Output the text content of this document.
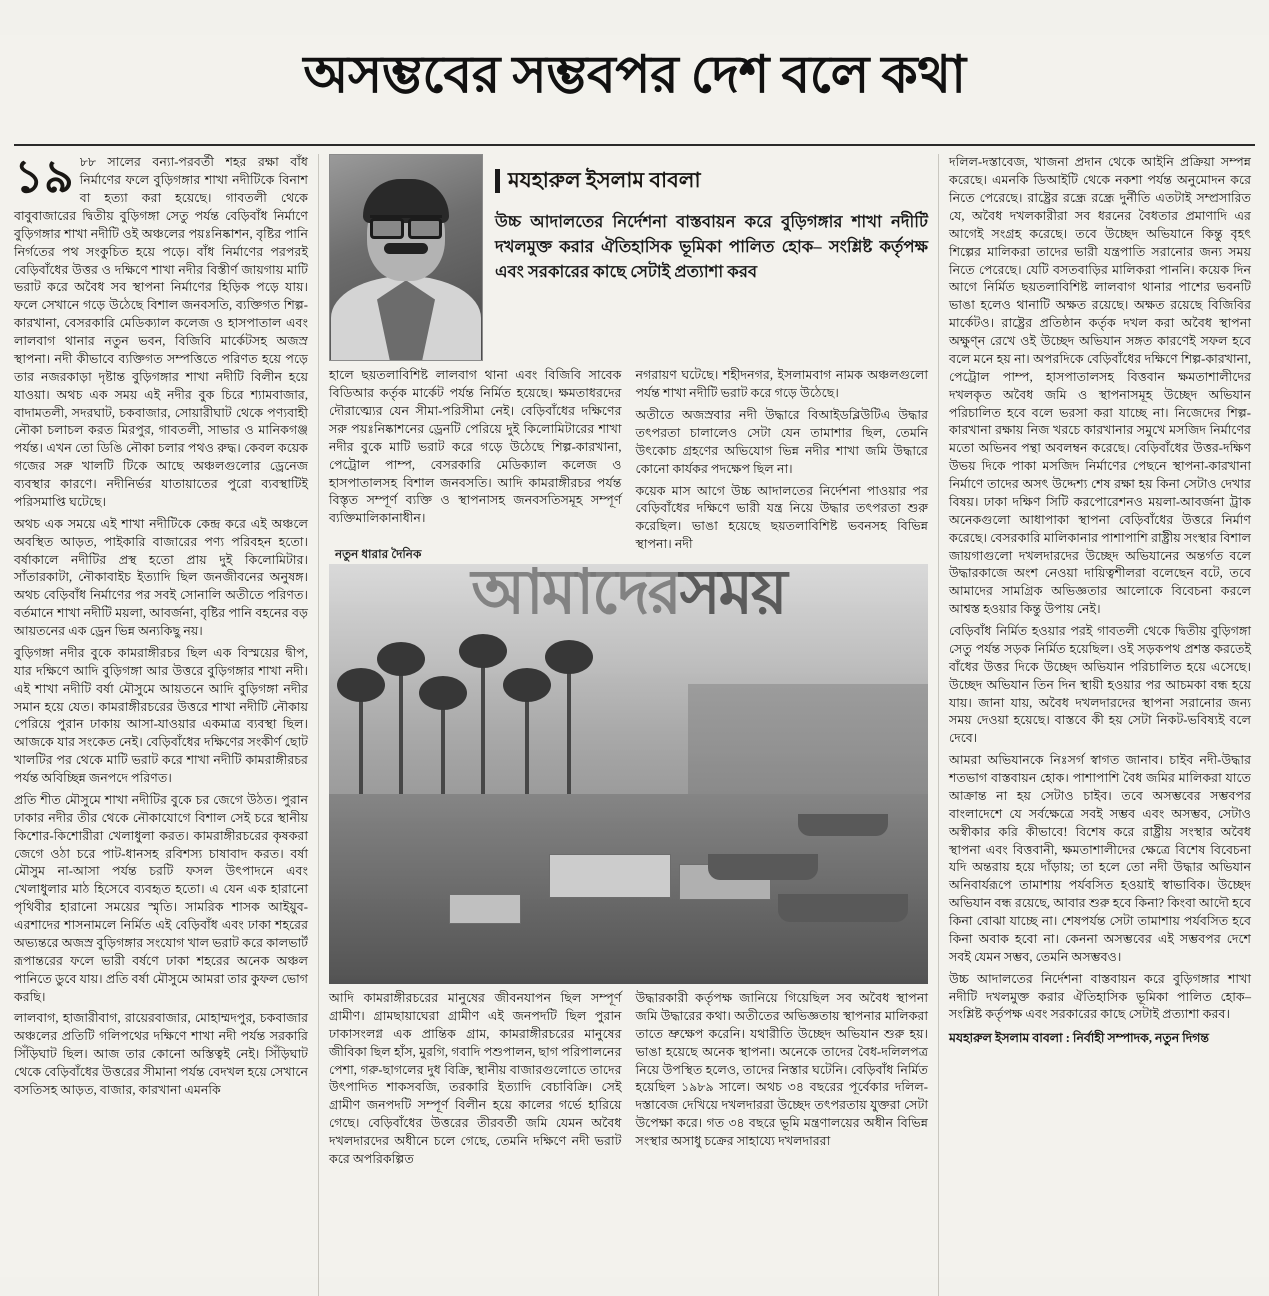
অসম্ভবের সম্ভবপর দেশ বলে কথা

১৯ ৮৮ সালের বন্যা-পরবর্তী শহর রক্ষা বাঁধ নির্মাণের ফলে বুড়িগঙ্গার শাখা নদীটিকে বিনাশ বা হত্যা করা হয়েছে। গাবতলী থেকে বাবুবাজারের দ্বিতীয় বুড়িগঙ্গা সেতু পর্যন্ত বেড়িবাঁধ নির্মাণে বুড়িগঙ্গার শাখা নদীটি ওই অঞ্চলের পয়ঃনিষ্কাশন, বৃষ্টির পানি নির্গতের পথ সংকুচিত হয়ে পড়ে। বাঁধ নির্মাণের পরপরই বেড়িবাঁধের উত্তর ও দক্ষিণে শাখা নদীর বিস্তীর্ণ জায়গায় মাটি ভরাট করে অবৈধ সব স্থাপনা নির্মাণের হিড়িক পড়ে যায়। ফলে সেখানে গড়ে উঠেছে বিশাল জনবসতি, ব্যক্তিগত শিল্প-কারখানা, বেসরকারি মেডিক্যাল কলেজ ও হাসপাতাল এবং লালবাগ থানার নতুন ভবন, বিজিবি মার্কেটসহ অজস্র স্থাপনা। নদী কীভাবে ব্যক্তিগত সম্পত্তিতে পরিণত হয়ে পড়ে তার নজরকাড়া দৃষ্টান্ত বুড়িগঙ্গার শাখা নদীটি বিলীন হয়ে যাওয়া। অথচ এক সময় এই নদীর বুক চিরে শ্যামবাজার, বাদামতলী, সদরঘাট, চকবাজার, সোয়ারীঘাট থেকে পণ্যবাহী নৌকা চলাচল করত মিরপুর, গাবতলী, সাভার ও মানিকগঞ্জ পর্যন্ত। এখন তো ডিঙি নৌকা চলার পথও রুদ্ধ। কেবল কয়েক গজের সরু খালটি টিকে আছে অঞ্চলগুলোর ড্রেনেজ ব্যবস্থার কারণে। নদীনির্ভর যাতায়াতের পুরো ব্যবস্থাটিই পরিসমাপ্তি ঘটেছে।

অথচ এক সময়ে এই শাখা নদীটিকে কেন্দ্র করে এই অঞ্চলে অবস্থিত আড়ত, পাইকারি বাজারের পণ্য পরিবহন হতো। বর্ষাকালে নদীটির প্রস্থ হতো প্রায় দুই কিলোমিটার। সাঁতারকাটা, নৌকাবাইচ ইত্যাদি ছিল জনজীবনের অনুষঙ্গ। অথচ বেড়িবাঁধ নির্মাণের পর সবই সোনালি অতীতে পরিণত। বর্তমানে শাখা নদীটি ময়লা, আবর্জনা, বৃষ্টির পানি বহনের বড় আয়তনের এক ড্রেন ভিন্ন অন্যকিছু নয়।

বুড়িগঙ্গা নদীর বুকে কামরাঙ্গীরচর ছিল এক বিস্ময়ের দ্বীপ, যার দক্ষিণে আদি বুড়িগঙ্গা আর উত্তরে বুড়িগঙ্গার শাখা নদী। এই শাখা নদীটি বর্ষা মৌসুমে আয়তনে আদি বুড়িগঙ্গা নদীর সমান হয়ে যেত। কামরাঙ্গীরচরের উত্তরে শাখা নদীটি নৌকায় পেরিয়ে পুরান ঢাকায় আসা-যাওয়ার একমাত্র ব্যবস্থা ছিল। আজকে যার সংকেত নেই। বেড়িবাঁধের দক্ষিণের সংকীর্ণ ছোট খালটির পর থেকে মাটি ভরাট করে শাখা নদীটি কামরাঙ্গীরচর পর্যন্ত অবিচ্ছিন্ন জনপদে পরিণত।

প্রতি শীত মৌসুমে শাখা নদীটির বুকে চর জেগে উঠত। পুরান ঢাকার নদীর তীর থেকে নৌকাযোগে বিশাল সেই চরে স্থানীয় কিশোর-কিশোরীরা খেলাধুলা করত। কামরাঙ্গীরচরের কৃষকরা জেগে ওঠা চরে পাট-ধানসহ রবিশস্য চাষাবাদ করত। বর্ষা মৌসুম না-আসা পর্যন্ত চরটি ফসল উৎপাদনে এবং খেলাধুলার মাঠ হিসেবে ব্যবহৃত হতো। এ যেন এক হারানো পৃথিবীর হারানো সময়ের স্মৃতি। সামরিক শাসক আইয়ুব-এরশাদের শাসনামলে নির্মিত এই বেড়িবাঁধ এবং ঢাকা শহরের অভ্যন্তরে অজস্র বুড়িগঙ্গার সংযোগ খাল ভরাট করে কালভার্ট রূপান্তরের ফলে ভারী বর্ষণে ঢাকা শহরের অনেক অঞ্চল পানিতে ডুবে যায়। প্রতি বর্ষা মৌসুমে আমরা তার কুফল ভোগ করছি।

লালবাগ, হাজারীবাগ, রায়েরবাজার, মোহাম্মদপুর, চকবাজার অঞ্চলের প্রতিটি গলিপথের দক্ষিণে শাখা নদী পর্যন্ত সরকারি সিঁড়িঘাট ছিল। আজ তার কোনো অস্তিত্বই নেই। সিঁড়িঘাট থেকে বেড়িবাঁধের উত্তরের সীমানা পর্যন্ত বেদখল হয়ে সেখানে বসতিসহ আড়ত, বাজার, কারখানা এমনকি

মযহারুল ইসলাম বাবলা
উচ্চ আদালতের নির্দেশনা বাস্তবায়ন করে বুড়িগঙ্গার শাখা নদীটি দখলমুক্ত করার ঐতিহাসিক ভূমিকা পালিত হোক– সংশ্লিষ্ট কর্তৃপক্ষ এবং সরকারের কাছে সেটাই প্রত্যাশা করব

হালে ছয়তলাবিশিষ্ট লালবাগ থানা এবং বিজিবি সাবেক বিডিআর কর্তৃক মার্কেট পর্যন্ত নির্মিত হয়েছে। ক্ষমতাধরদের দৌরাত্ম্যের যেন সীমা-পরিসীমা নেই। বেড়িবাঁধের দক্ষিণের সরু পয়ঃনিষ্কাশনের ড্রেনটি পেরিয়ে দুই কিলোমিটারের শাখা নদীর বুকে মাটি ভরাট করে গড়ে উঠেছে শিল্প-কারখানা, পেট্রোল পাম্প, বেসরকারি মেডিক্যাল কলেজ ও হাসপাতালসহ বিশাল জনবসতি। আদি কামরাঙ্গীরচর পর্যন্ত বিস্তৃত সম্পূর্ণ ব্যক্তি ও স্থাপনাসহ জনবসতিসমূহ সম্পূর্ণ ব্যক্তিমালিকানাধীন।

নগরায়ণ ঘটেছে। শহীদনগর, ইসলামবাগ নামক অঞ্চলগুলো পর্যন্ত শাখা নদীটি ভরাট করে গড়ে উঠেছে।

অতীতে অজস্রবার নদী উদ্ধারে বিআইডব্লিউটিএ উদ্ধার তৎপরতা চালালেও সেটা যেন তামাশার ছিল, তেমনি উৎকোচ গ্রহণের অভিযোগ ভিন্ন নদীর শাখা জমি উদ্ধারে কোনো কার্যকর পদক্ষেপ ছিল না।

কয়েক মাস আগে উচ্চ আদালতের নির্দেশনা পাওয়ার পর বেড়িবাঁধের দক্ষিণে ভারী যন্ত্র নিয়ে উদ্ধার তৎপরতা শুরু করেছিল। ভাঙা হয়েছে ছয়তলাবিশিষ্ট ভবনসহ বিভিন্ন স্থাপনা। নদী

নতুন ধারার দৈনিক
আমাদেরসময়

আদি কামরাঙ্গীরচরের মানুষের জীবনযাপন ছিল সম্পূর্ণ গ্রামীণ। গ্রামছায়াঘেরা গ্রামীণ এই জনপদটি ছিল পুরান ঢাকাসংলগ্ন এক প্রান্তিক গ্রাম, কামরাঙ্গীরচরের মানুষের জীবিকা ছিল হাঁস, মুরগি, গবাদি পশুপালন, ছাগ পরিপালনের পেশা, গরু-ছাগলের দুধ বিক্রি, স্থানীয় বাজারগুলোতে তাদের উৎপাদিত শাকসবজি, তরকারি ইত্যাদি বেচাবিক্রি। সেই গ্রামীণ জনপদটি সম্পূর্ণ বিলীন হয়ে কালের গর্ভে হারিয়ে গেছে। বেড়িবাঁধের উত্তরের তীরবর্তী জমি যেমন অবৈধ দখলদারদের অধীনে চলে গেছে, তেমনি দক্ষিণে নদী ভরাট করে অপরিকল্পিত

উদ্ধারকারী কর্তৃপক্ষ জানিয়ে গিয়েছিল সব অবৈধ স্থাপনা জমি উদ্ধারের কথা। অতীতের অভিজ্ঞতায় স্থাপনার মালিকরা তাতে ভ্রুক্ষেপ করেনি। যথারীতি উচ্ছেদ অভিযান শুরু হয়। ভাঙা হয়েছে অনেক স্থাপনা। অনেকে তাদের বৈধ-দলিলপত্র নিয়ে উপস্থিত হলেও, তাদের নিস্তার ঘটেনি। বেড়িবাঁধ নির্মিত হয়েছিল ১৯৮৯ সালে। অথচ ৩৪ বছরের পূর্বেকার দলিল-দস্তাবেজ দেখিয়ে দখলদাররা উচ্ছেদ তৎপরতায় যুক্তরা সেটা উপেক্ষা করে। গত ৩৪ বছরে ভূমি মন্ত্রণালয়ের অধীন বিভিন্ন সংস্থার অসাধু চক্রের সাহায্যে দখলদাররা

দলিল-দস্তাবেজ, খাজনা প্রদান থেকে আইনি প্রক্রিয়া সম্পন্ন করেছে। এমনকি ডিআইটি থেকে নকশা পর্যন্ত অনুমোদন করে নিতে পেরেছে। রাষ্ট্রের রন্ধ্রে রন্ধ্রে দুর্নীতি এতটাই সম্প্রসারিত যে, অবৈধ দখলকারীরা সব ধরনের বৈধতার প্রমাণাদি এর আগেই সংগ্রহ করেছে। তবে উচ্ছেদ অভিযানে কিন্তু বৃহৎ শিল্পের মালিকরা তাদের ভারী যন্ত্রপাতি সরানোর জন্য সময় নিতে পেরেছে। যেটি বসতবাড়ির মালিকরা পাননি। কয়েক দিন আগে নির্মিত ছয়তলাবিশিষ্ট লালবাগ থানার পাশের ভবনটি ভাঙা হলেও থানাটি অক্ষত রয়েছে। অক্ষত রয়েছে বিজিবির মার্কেটও। রাষ্ট্রের প্রতিষ্ঠান কর্তৃক দখল করা অবৈধ স্থাপনা অক্ষুণ্ন রেখে ওই উচ্ছেদ অভিযান সঙ্গত কারণেই সফল হবে বলে মনে হয় না। অপরদিকে বেড়িবাঁধের দক্ষিণে শিল্প-কারখানা, পেট্রোল পাম্প, হাসপাতালসহ বিত্তবান ক্ষমতাশালীদের দখলকৃত অবৈধ জমি ও স্থাপনাসমূহ উচ্ছেদ অভিযান পরিচালিত হবে বলে ভরসা করা যাচ্ছে না। নিজেদের শিল্প-কারখানা রক্ষায় নিজ খরচে কারখানার সমুখে মসজিদ নির্মাণের মতো অভিনব পন্থা অবলম্বন করেছে। বেড়িবাঁধের উত্তর-দক্ষিণ উভয় দিকে পাকা মসজিদ নির্মাণের পেছনে স্থাপনা-কারখানা নির্মাণে তাদের অসৎ উদ্দেশ্য শেষ রক্ষা হয় কিনা সেটাও দেখার বিষয়। ঢাকা দক্ষিণ সিটি করপোরেশনও ময়লা-আবর্জনা ট্রাক অনেকগুলো আধাপাকা স্থাপনা বেড়িবাঁধের উত্তরে নির্মাণ করেছে। বেসরকারি মালিকানার পাশাপাশি রাষ্ট্রীয় সংস্থার বিশাল জায়গাগুলো দখলদারদের উচ্ছেদ অভিযানের অন্তর্গত বলে উদ্ধারকাজে অংশ নেওয়া দায়িত্বশীলরা বলেছেন বটে, তবে আমাদের সামগ্রিক অভিজ্ঞতার আলোকে বিবেচনা করলে আশ্বস্ত হওয়ার কিন্তু উপায় নেই।

বেড়িবাঁধ নির্মিত হওয়ার পরই গাবতলী থেকে দ্বিতীয় বুড়িগঙ্গা সেতু পর্যন্ত সড়ক নির্মিত হয়েছিল। ওই সড়কপথ প্রশস্ত করতেই বাঁধের উত্তর দিকে উচ্ছেদ অভিযান পরিচালিত হয়ে এসেছে। উচ্ছেদ অভিযান তিন দিন স্থায়ী হওয়ার পর আচমকা বন্ধ হয়ে যায়। জানা যায়, অবৈধ দখলদারদের স্থাপনা সরানোর জন্য সময় দেওয়া হয়েছে। বাস্তবে কী হয় সেটা নিকট-ভবিষ্যই বলে দেবে।

আমরা অভিযানকে নিঃসর্গ স্বাগত জানাব। চাইব নদী-উদ্ধার শতভাগ বাস্তবায়ন হোক। পাশাপাশি বৈধ জমির মালিকরা যাতে আক্রান্ত না হয় সেটাও চাইব। তবে অসম্ভবের সম্ভবপর বাংলাদেশে যে সর্বক্ষেত্রে সবই সম্ভব এবং অসম্ভব, সেটাও অস্বীকার করি কীভাবে! বিশেষ করে রাষ্ট্রীয় সংস্থার অবৈধ স্থাপনা এবং বিত্তবানী, ক্ষমতাশালীদের ক্ষেত্রে বিশেষ বিবেচনা যদি অন্তরায় হয়ে দাঁড়ায়; তা হলে তো নদী উদ্ধার অভিযান অনিবার্যরূপে তামাশায় পর্যবসিত হওয়াই স্বাভাবিক। উচ্ছেদ অভিযান বন্ধ রয়েছে, আবার শুরু হবে কিনা? কিংবা আদৌ হবে কিনা বোঝা যাচ্ছে না। শেষপর্যন্ত সেটা তামাশায় পর্যবসিত হবে কিনা অবাক হবো না। কেননা অসম্ভবের এই সম্ভবপর দেশে সবই যেমন সম্ভব, তেমনি অসম্ভবও।

উচ্চ আদালতের নির্দেশনা বাস্তবায়ন করে বুড়িগঙ্গার শাখা নদীটি দখলমুক্ত করার ঐতিহাসিক ভূমিকা পালিত হোক– সংশ্লিষ্ট কর্তৃপক্ষ এবং সরকারের কাছে সেটাই প্রত্যাশা করব।

মযহারুল ইসলাম বাবলা : নির্বাহী সম্পাদক, নতুন দিগন্ত
